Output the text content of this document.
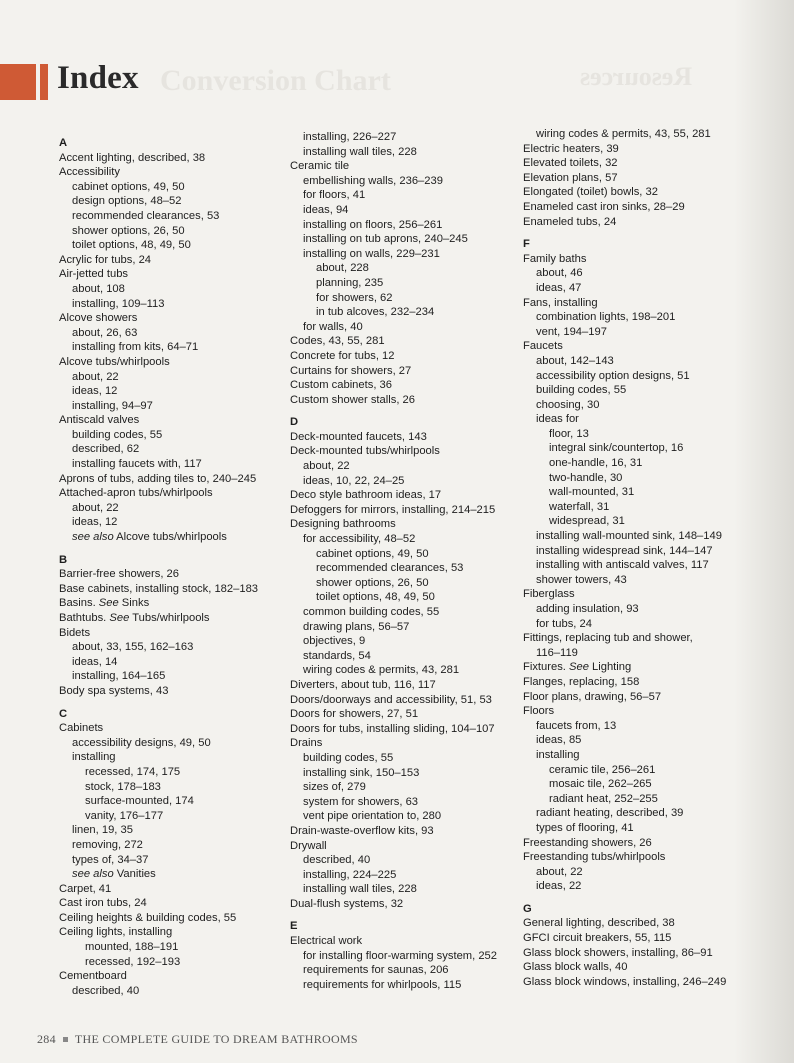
Conversion Chart	Resources
Index
A
Accent lighting, described, 38
Accessibility
cabinet options, 49, 50
design options, 48–52
recommended clearances, 53
shower options, 26, 50
toilet options, 48, 49, 50
Acrylic for tubs, 24
Air-jetted tubs
about, 108
installing, 109–113
Alcove showers
about, 26, 63
installing from kits, 64–71
Alcove tubs/whirlpools
about, 22
ideas, 12
installing, 94–97
Antiscald valves
building codes, 55
described, 62
installing faucets with, 117
Aprons of tubs, adding tiles to, 240–245
Attached-apron tubs/whirlpools
about, 22
ideas, 12
see also Alcove tubs/whirlpools
B
Barrier-free showers, 26
Base cabinets, installing stock, 182–183
Basins. See Sinks
Bathtubs. See Tubs/whirlpools
Bidets
about, 33, 155, 162–163
ideas, 14
installing, 164–165
Body spa systems, 43
C
Cabinets
accessibility designs, 49, 50
installing
recessed, 174, 175
stock, 178–183
surface-mounted, 174
vanity, 176–177
linen, 19, 35
removing, 272
types of, 34–37
see also Vanities
Carpet, 41
Cast iron tubs, 24
Ceiling heights & building codes, 55
Ceiling lights, installing
mounted, 188–191
recessed, 192–193
Cementboard
described, 40
installing, 226–227
installing wall tiles, 228
Ceramic tile
embellishing walls, 236–239
for floors, 41
ideas, 94
installing on floors, 256–261
installing on tub aprons, 240–245
installing on walls, 229–231
about, 228
planning, 235
for showers, 62
in tub alcoves, 232–234
for walls, 40
Codes, 43, 55, 281
Concrete for tubs, 12
Curtains for showers, 27
Custom cabinets, 36
Custom shower stalls, 26
D
Deck-mounted faucets, 143
Deck-mounted tubs/whirlpools
about, 22
ideas, 10, 22, 24–25
Deco style bathroom ideas, 17
Defoggers for mirrors, installing, 214–215
Designing bathrooms
for accessibility, 48–52
cabinet options, 49, 50
recommended clearances, 53
shower options, 26, 50
toilet options, 48, 49, 50
common building codes, 55
drawing plans, 56–57
objectives, 9
standards, 54
wiring codes & permits, 43, 281
Diverters, about tub, 116, 117
Doors/doorways and accessibility, 51, 53
Doors for showers, 27, 51
Doors for tubs, installing sliding, 104–107
Drains
building codes, 55
installing sink, 150–153
sizes of, 279
system for showers, 63
vent pipe orientation to, 280
Drain-waste-overflow kits, 93
Drywall
described, 40
installing, 224–225
installing wall tiles, 228
Dual-flush systems, 32
E
Electrical work
for installing floor-warming system, 252
requirements for saunas, 206
requirements for whirlpools, 115
wiring codes & permits, 43, 55, 281
Electric heaters, 39
Elevated toilets, 32
Elevation plans, 57
Elongated (toilet) bowls, 32
Enameled cast iron sinks, 28–29
Enameled tubs, 24
F
Family baths
about, 46
ideas, 47
Fans, installing
combination lights, 198–201
vent, 194–197
Faucets
about, 142–143
accessibility option designs, 51
building codes, 55
choosing, 30
ideas for
floor, 13
integral sink/countertop, 16
one-handle, 16, 31
two-handle, 30
wall-mounted, 31
waterfall, 31
widespread, 31
installing wall-mounted sink, 148–149
installing widespread sink, 144–147
installing with antiscald valves, 117
shower towers, 43
Fiberglass
adding insulation, 93
for tubs, 24
Fittings, replacing tub and shower,
116–119
Fixtures. See Lighting
Flanges, replacing, 158
Floor plans, drawing, 56–57
Floors
faucets from, 13
ideas, 85
installing
ceramic tile, 256–261
mosaic tile, 262–265
radiant heat, 252–255
radiant heating, described, 39
types of flooring, 41
Freestanding showers, 26
Freestanding tubs/whirlpools
about, 22
ideas, 22
G
General lighting, described, 38
GFCI circuit breakers, 55, 115
Glass block showers, installing, 86–91
Glass block walls, 40
Glass block windows, installing, 246–249
284 THE COMPLETE GUIDE TO DREAM BATHROOMS
